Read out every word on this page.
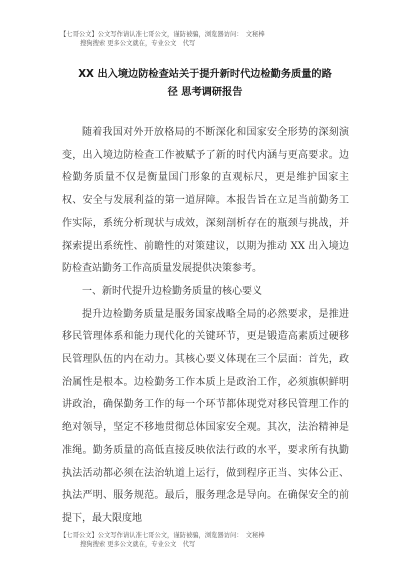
【七哥公文】公文写作请认准七哥公文，谨防被骗，浏览器访问：　文秘棒
搜狗搜索 更多公文就在，专业公文　代写
XX 出入境边防检查站关于提升新时代边检勤务质量的路
径 思考调研报告

随着我国对外开放格局的不断深化和国家安全形势的深刻演变，出入境边防检查工作被赋予了新的时代内涵与更高要求。边检勤务质量不仅是衡量国门形象的直观标尺，更是维护国家主权、安全与发展利益的第一道屏障。本报告旨在立足当前勤务工作实际，系统分析现状与成效，深刻剖析存在的瓶颈与挑战，并探索提出系统性、前瞻性的对策建议，以期为推动 XX 出入境边防检查站勤务工作高质量发展提供决策参考。

一、新时代提升边检勤务质量的核心要义

提升边检勤务质量是服务国家战略全局的必然要求，是推进移民管理体系和能力现代化的关键环节，更是锻造高素质过硬移民管理队伍的内在动力。其核心要义体现在三个层面：首先，政治属性是根本。边检勤务工作本质上是政治工作，必须旗帜鲜明讲政治，确保勤务工作的每一个环节都体现党对移民管理工作的绝对领导，坚定不移地贯彻总体国家安全观。其次，法治精神是准绳。勤务质量的高低直接反映依法行政的水平，要求所有执勤执法活动都必须在法治轨道上运行，做到程序正当、实体公正、执法严明、服务规范。最后，服务理念是导向。在确保安全的前提下，最大限度地

【七哥公文】公文写作请认准七哥公文，谨防被骗，浏览器访问：　文秘棒
搜狗搜索 更多公文就在，专业公文　代写
